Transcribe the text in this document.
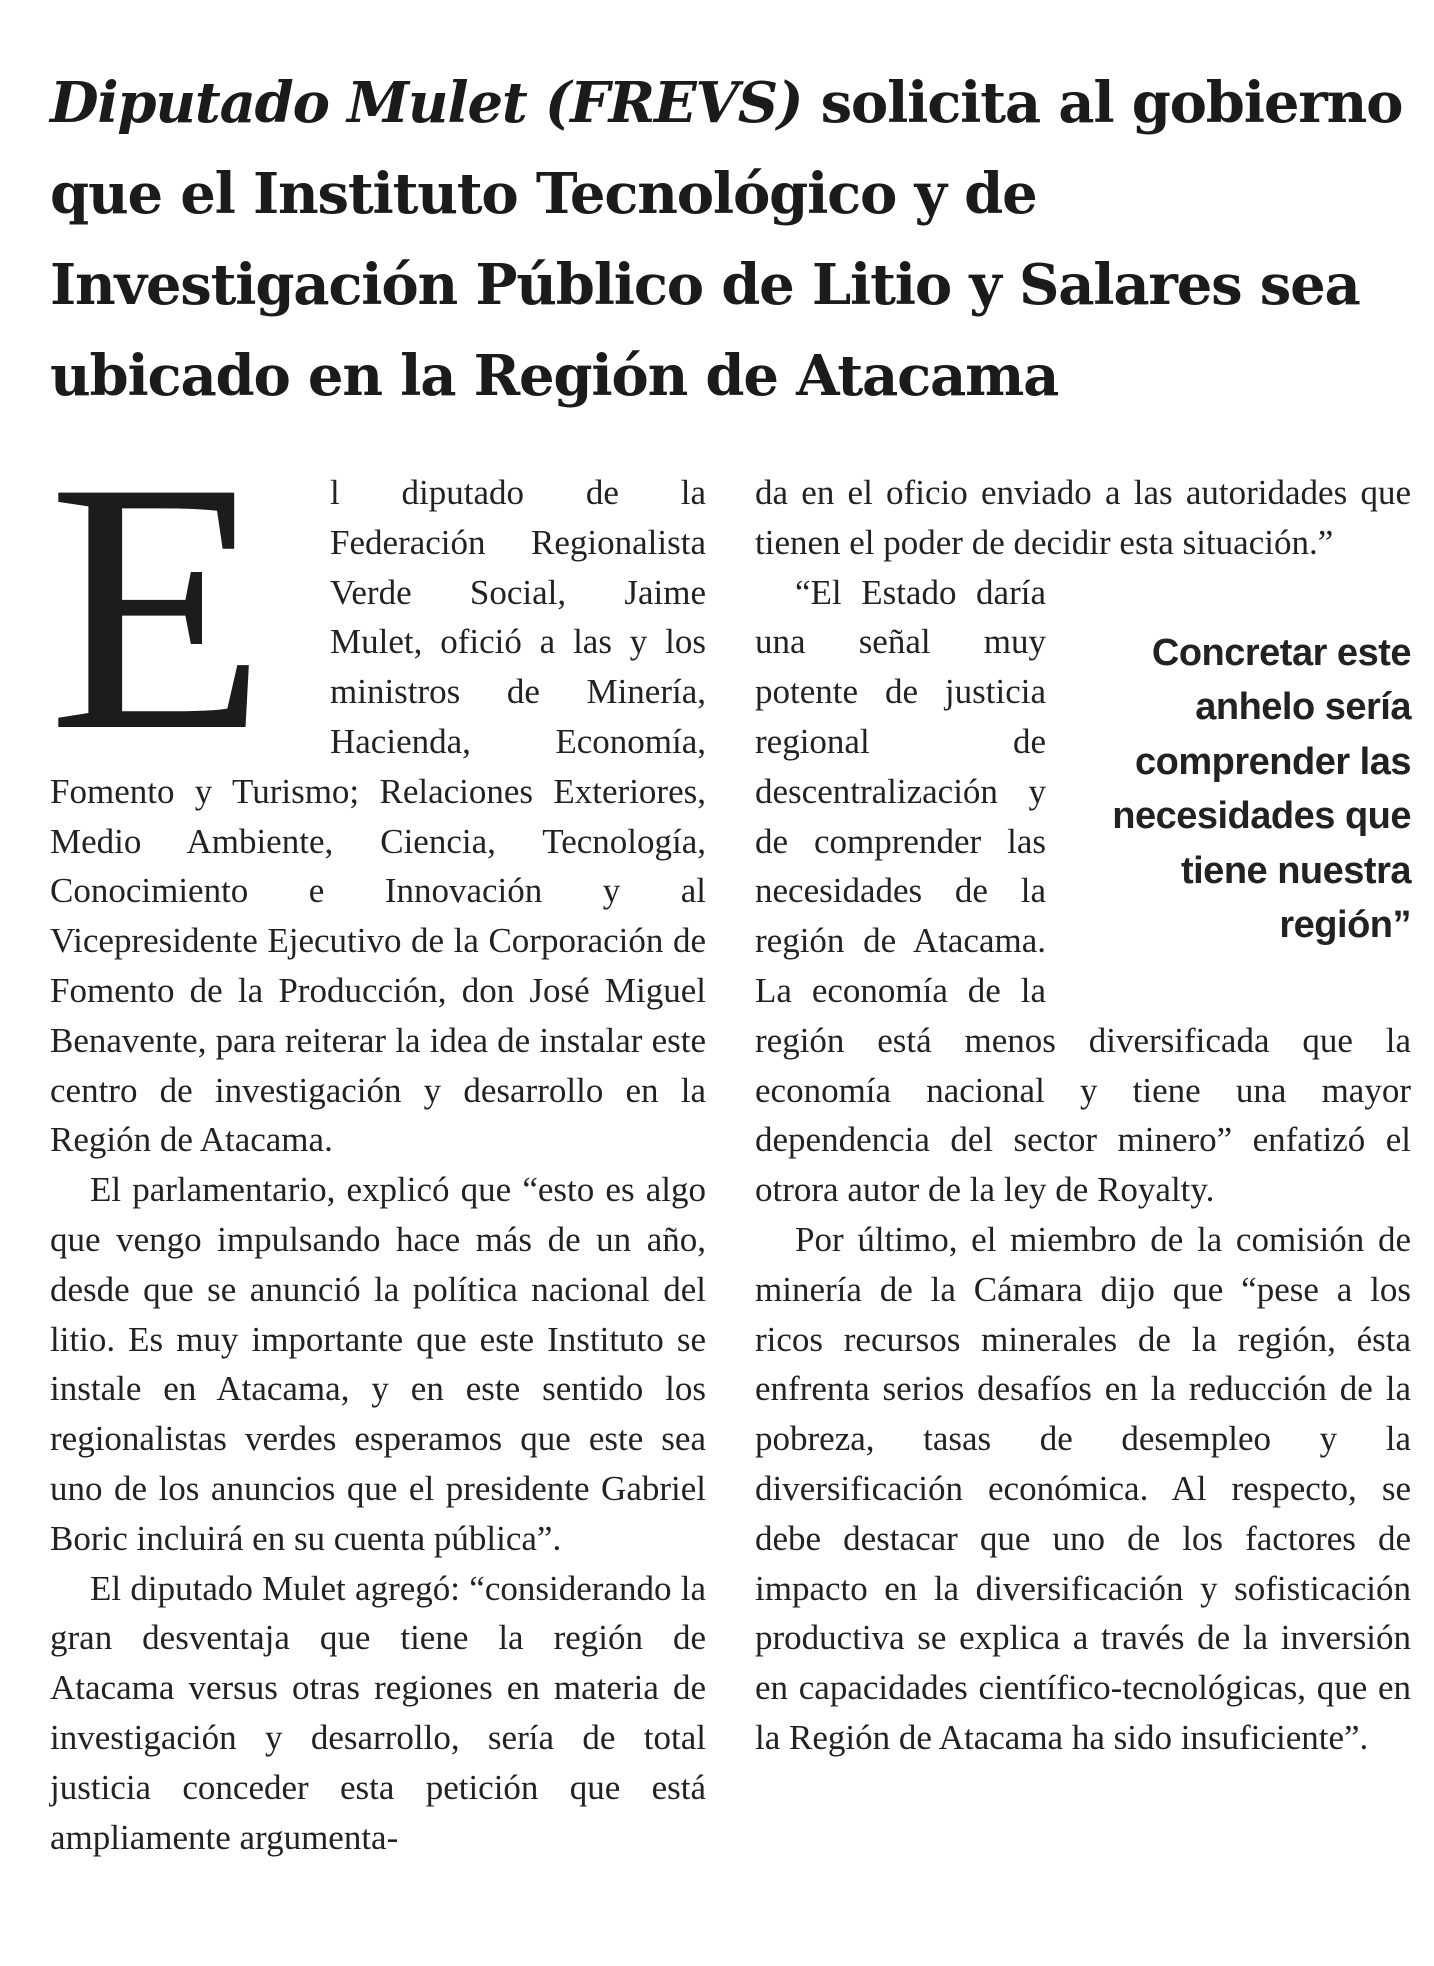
Diputado Mulet (FREVS) solicita al gobierno que el Instituto Tecnológico y de Investigación Público de Litio y Salares sea ubicado en la Región de Atacama
E	l diputado de la Federación Regionalista Verde Social, Jaime Mulet, ofició a las y los ministros de Minería, Hacienda, Economía, Fomento y Turismo; Relaciones Exteriores, Medio Ambiente, Ciencia, Tecnología, Conocimiento e Innovación y al Vicepresidente Ejecutivo de la Corporación de Fomento de la Producción, don José Miguel Benavente, para reiterar la idea de instalar este centro de investigación y desarrollo en la Región de Atacama.

El parlamentario, explicó que “esto es algo que vengo impulsando hace más de un año, desde que se anunció la política nacional del litio. Es muy importante que este Instituto se instale en Atacama, y en este sentido los regionalistas verdes esperamos que este sea uno de los anuncios que el presidente Gabriel Boric incluirá en su cuenta pública”.

El diputado Mulet agregó: “considerando la gran desventaja que tiene la región de Atacama versus otras regiones en materia de investigación y desarrollo, sería de total justicia conceder esta petición que está ampliamente argumenta-

da en el oficio enviado a las autoridades que tienen el poder de decidir esta situación.”

Concretar este anhelo sería comprender las necesidades que tiene nuestra región”

“El Estado daría una señal muy potente de justicia regional de descentralización y de comprender las necesidades de la región de Atacama. La economía de la región está menos diversificada que la economía nacional y tiene una mayor dependencia del sector minero” enfatizó el otrora autor de la ley de Royalty.

Por último, el miembro de la comisión de minería de la Cámara dijo que “pese a los ricos recursos minerales de la región, ésta enfrenta serios desafíos en la reducción de la pobreza, tasas de desempleo y la diversificación económica. Al respecto, se debe destacar que uno de los factores de impacto en la diversificación y sofisticación productiva se explica a través de la inversión en capacidades científico-tecnológicas, que en la Región de Atacama ha sido insuficiente”.
